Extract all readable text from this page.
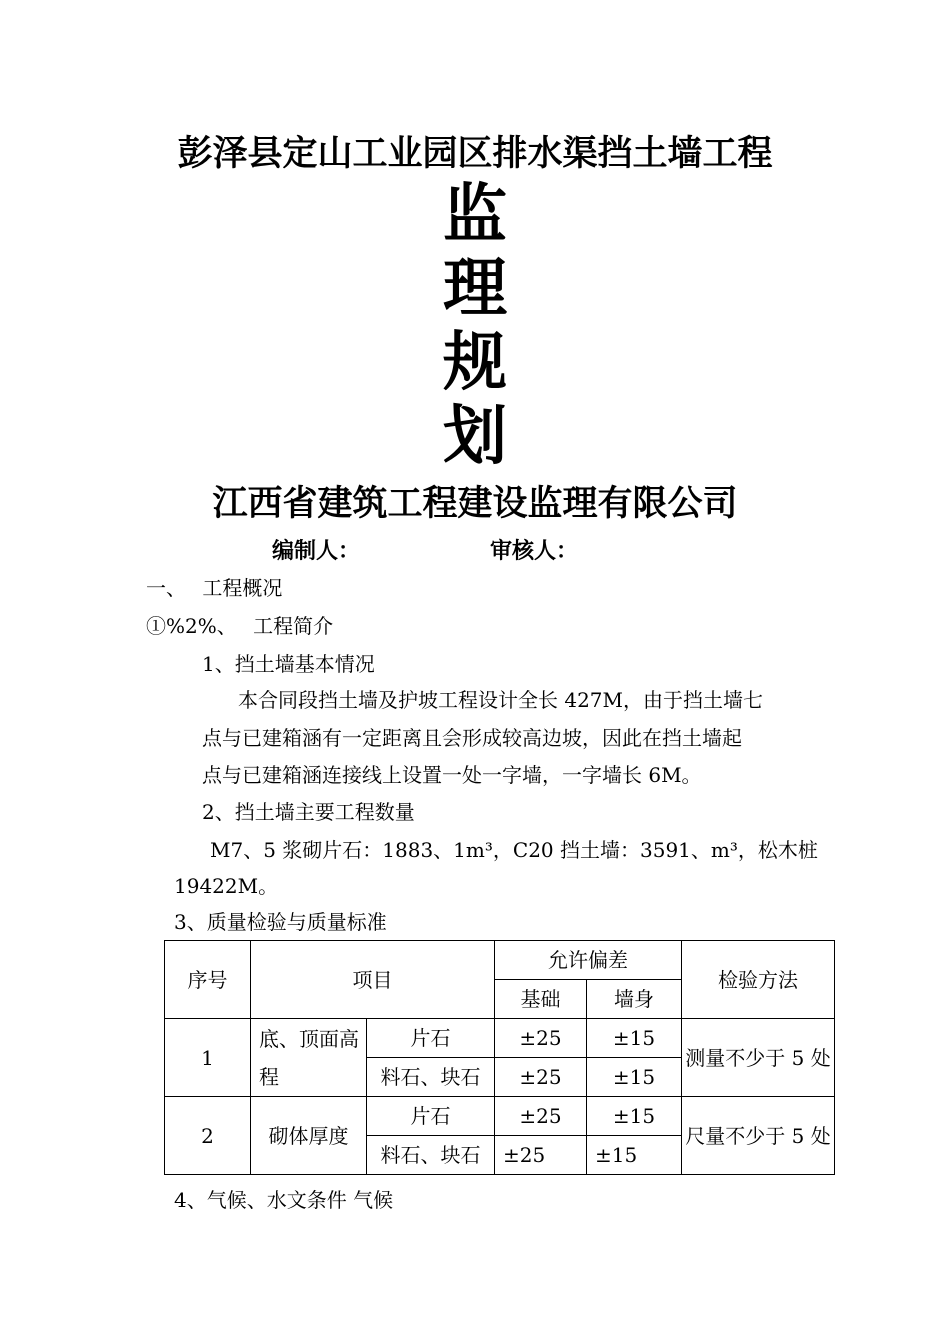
彭泽县定山工业园区排水渠挡土墙工程
监
理
规
划
江西省建筑工程建设监理有限公司
编制人：	审核人：
一、　 工程概况
①%2%、　 工程简介
1、挡土墙基本情况
本合同段挡土墙及护坡工程设计全长 427M，由于挡土墙七
点与已建箱涵有一定距离且会形成较高边坡，因此在挡土墙起
点与已建箱涵连接线上设置一处一字墙，一字墙长 6M。
2、挡土墙主要工程数量
M7、5 浆砌片石：1883、1m³，C20 挡土墙：3591、m³，松木桩
19422M。
3、质量检验与质量标准
序号	项目		允许偏差		检验方法
			基础	墙身	
1	底、顶面高程	片石	±25	±15	测量不少于 5 处
		料石、块石	±25	±15	
2	砌体厚度	片石	±25	±15	尺量不少于 5 处
		料石、块石	±25	±15	
4、气候、水文条件 气候
